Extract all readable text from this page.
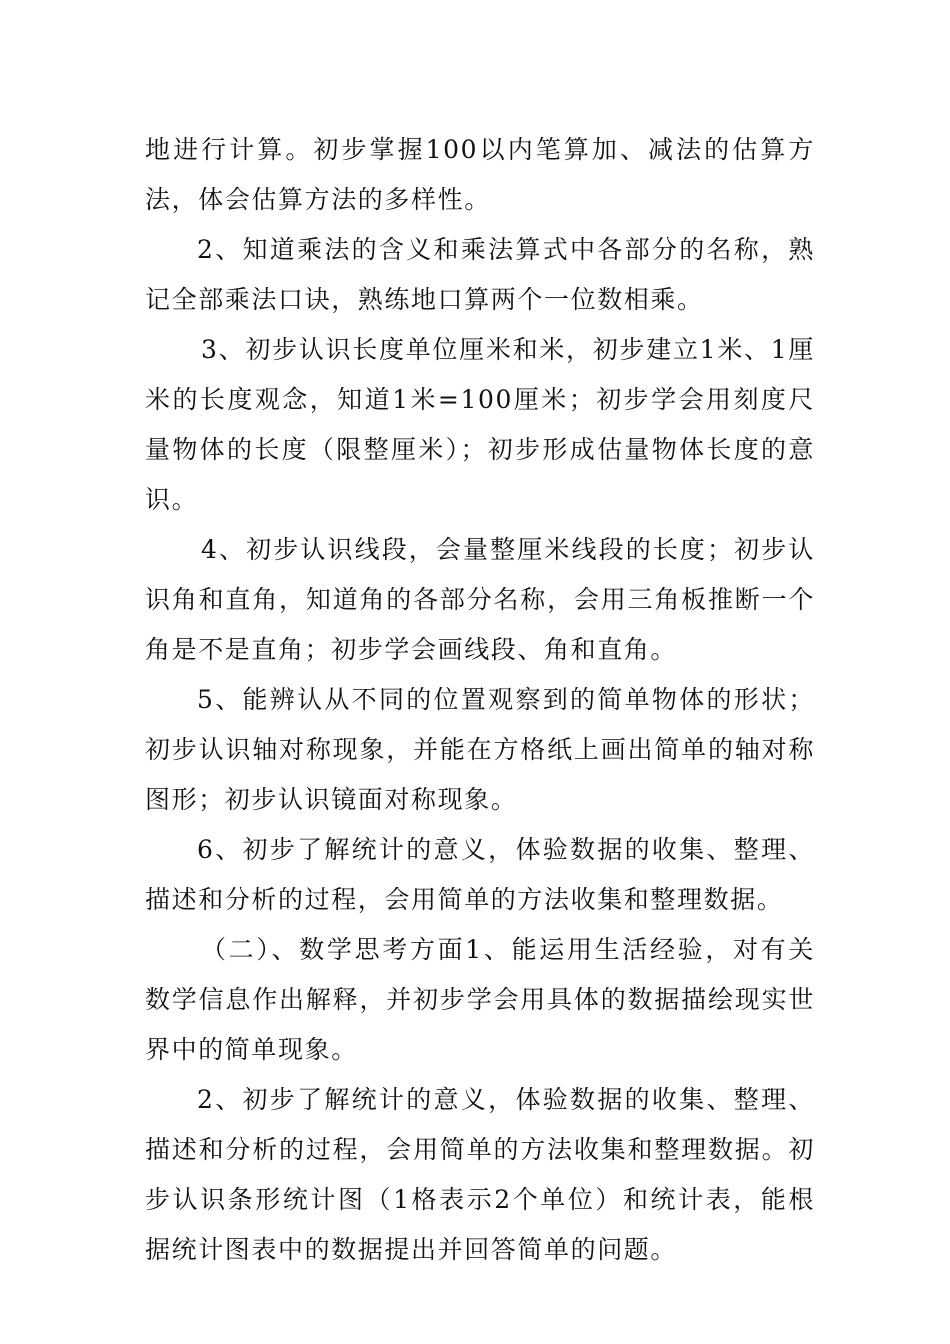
地进行计算。初步掌握100以内笔算加、减法的估算方法，体会估算方法的多样性。

2、知道乘法的含义和乘法算式中各部分的名称，熟记全部乘法口诀，熟练地口算两个一位数相乘。

3、初步认识长度单位厘米和米，初步建立1米、1厘米的长度观念，知道1米=100厘米；初步学会用刻度尺量物体的长度（限整厘米）；初步形成估量物体长度的意识。

4、初步认识线段，会量整厘米线段的长度；初步认识角和直角，知道角的各部分名称，会用三角板推断一个角是不是直角；初步学会画线段、角和直角。

5、能辨认从不同的位置观察到的简单物体的形状；初步认识轴对称现象，并能在方格纸上画出简单的轴对称图形；初步认识镜面对称现象。

6、初步了解统计的意义，体验数据的收集、整理、描述和分析的过程，会用简单的方法收集和整理数据。

（二）、数学思考方面1、能运用生活经验，对有关数学信息作出解释，并初步学会用具体的数据描绘现实世界中的简单现象。

2、初步了解统计的意义，体验数据的收集、整理、描述和分析的过程，会用简单的方法收集和整理数据。初步认识条形统计图（1格表示2个单位）和统计表，能根据统计图表中的数据提出并回答简单的问题。
